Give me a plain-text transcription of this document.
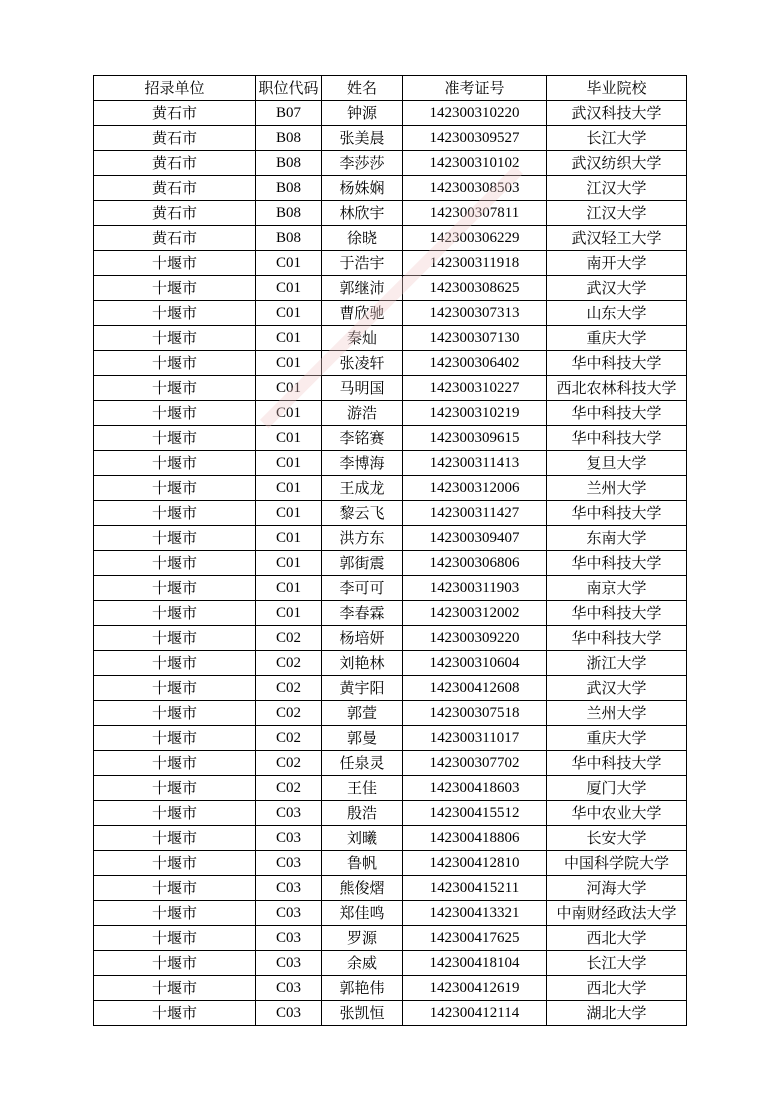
招录单位	职位代码	姓名	准考证号	毕业院校
黄石市	B07	钟源	142300310220	武汉科技大学
黄石市	B08	张美晨	142300309527	长江大学
黄石市	B08	李莎莎	142300310102	武汉纺织大学
黄石市	B08	杨姝娴	142300308503	江汉大学
黄石市	B08	林欣宇	142300307811	江汉大学
黄石市	B08	徐晓	142300306229	武汉轻工大学
十堰市	C01	于浩宇	142300311918	南开大学
十堰市	C01	郭继沛	142300308625	武汉大学
十堰市	C01	曹欣驰	142300307313	山东大学
十堰市	C01	秦灿	142300307130	重庆大学
十堰市	C01	张凌轩	142300306402	华中科技大学
十堰市	C01	马明国	142300310227	西北农林科技大学
十堰市	C01	游浩	142300310219	华中科技大学
十堰市	C01	李铭赛	142300309615	华中科技大学
十堰市	C01	李博海	142300311413	复旦大学
十堰市	C01	王成龙	142300312006	兰州大学
十堰市	C01	黎云飞	142300311427	华中科技大学
十堰市	C01	洪方东	142300309407	东南大学
十堰市	C01	郭街震	142300306806	华中科技大学
十堰市	C01	李可可	142300311903	南京大学
十堰市	C01	李春霖	142300312002	华中科技大学
十堰市	C02	杨培妍	142300309220	华中科技大学
十堰市	C02	刘艳林	142300310604	浙江大学
十堰市	C02	黄宇阳	142300412608	武汉大学
十堰市	C02	郭萱	142300307518	兰州大学
十堰市	C02	郭曼	142300311017	重庆大学
十堰市	C02	任泉灵	142300307702	华中科技大学
十堰市	C02	王佳	142300418603	厦门大学
十堰市	C03	殷浩	142300415512	华中农业大学
十堰市	C03	刘曦	142300418806	长安大学
十堰市	C03	鲁帆	142300412810	中国科学院大学
十堰市	C03	熊俊熠	142300415211	河海大学
十堰市	C03	郑佳鸣	142300413321	中南财经政法大学
十堰市	C03	罗源	142300417625	西北大学
十堰市	C03	余威	142300418104	长江大学
十堰市	C03	郭艳伟	142300412619	西北大学
十堰市	C03	张凯恒	142300412114	湖北大学
